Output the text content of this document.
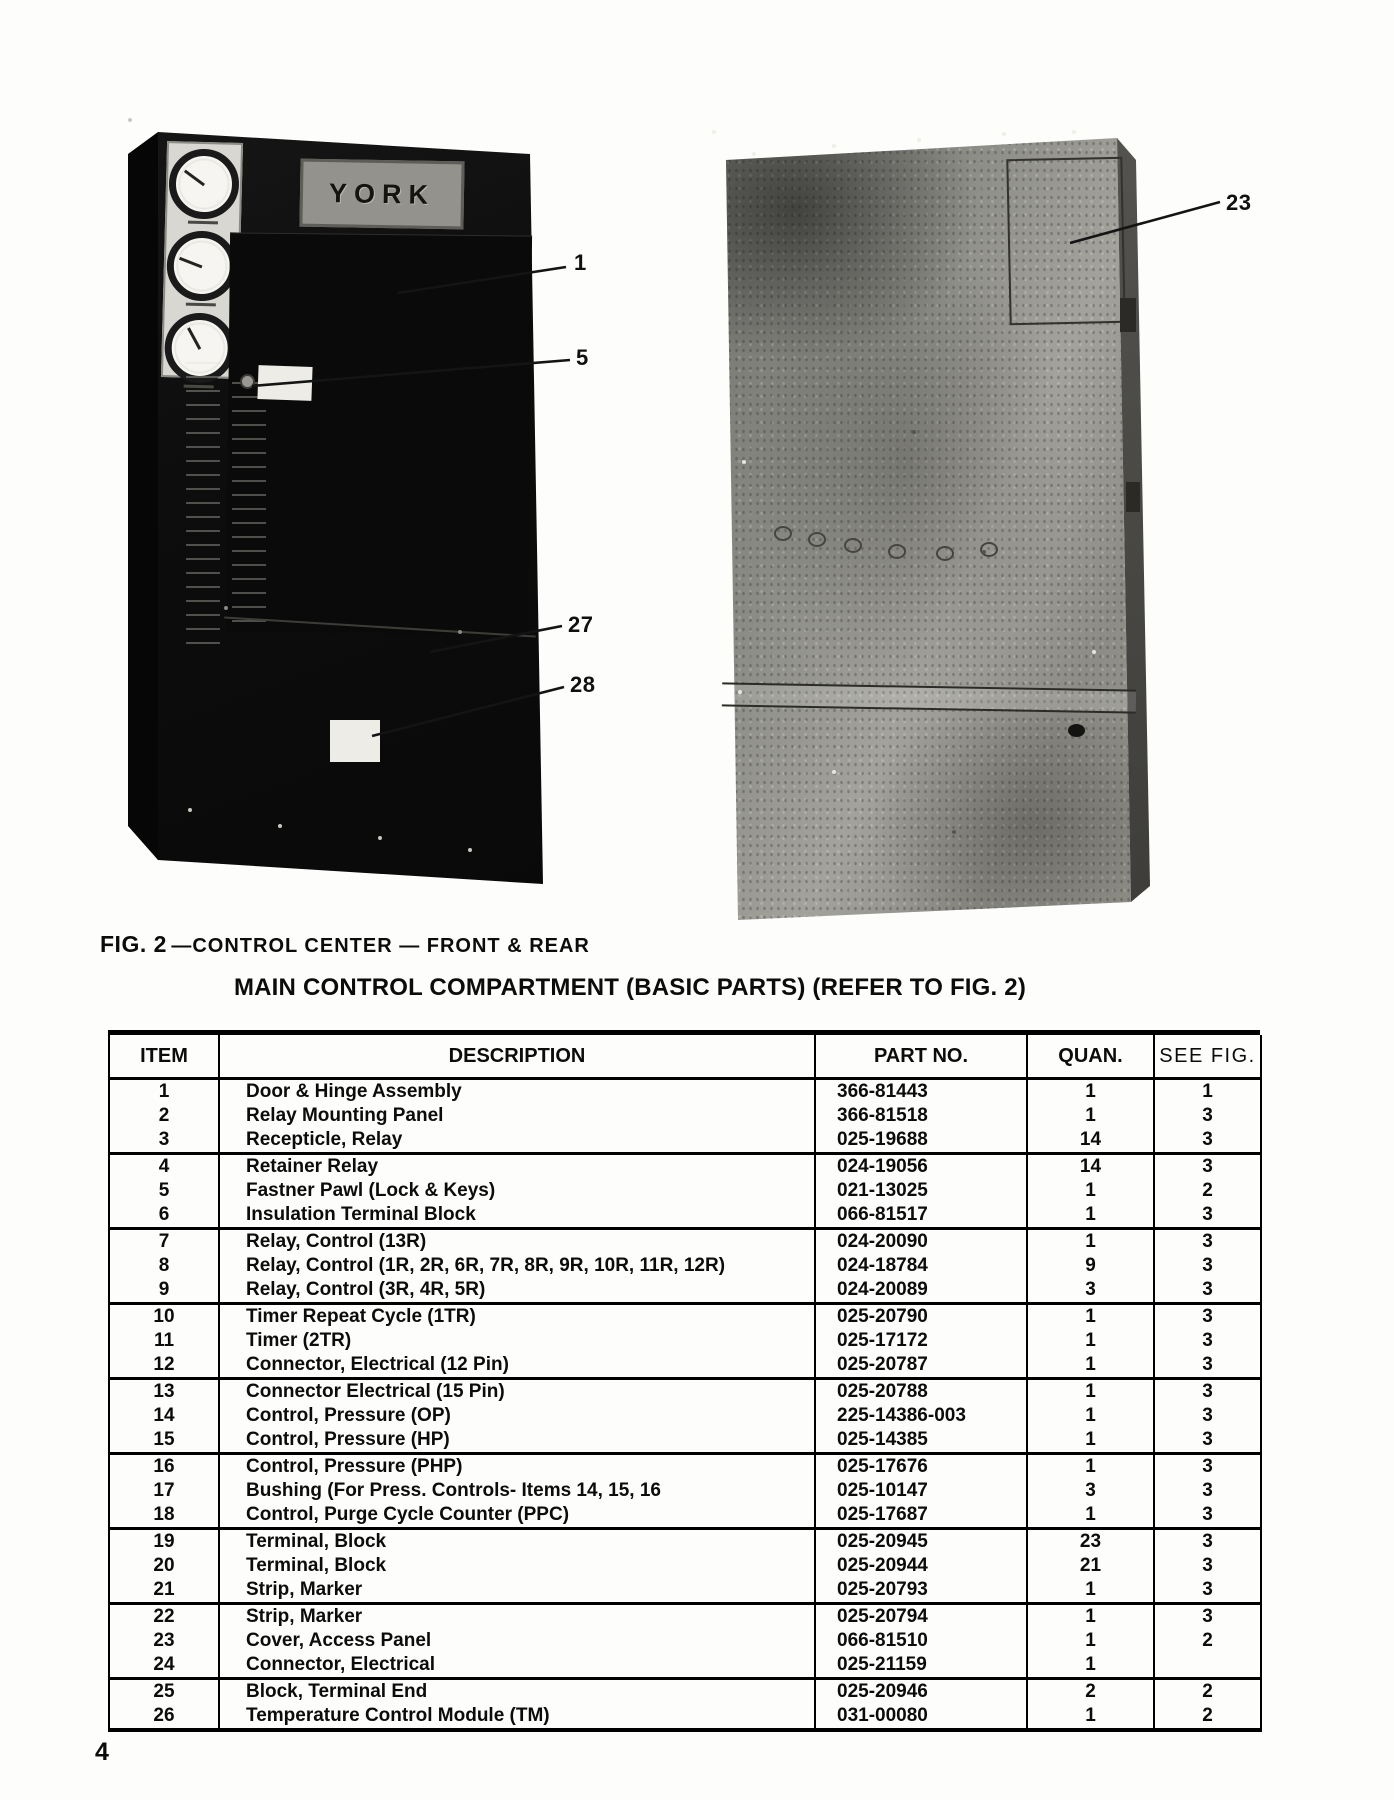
YORK
1
5
27
28
23
FIG. 2 —CONTROL CENTER — FRONT & REAR
MAIN CONTROL COMPARTMENT (BASIC PARTS) (REFER TO FIG. 2)
ITEM	DESCRIPTION	PART NO.	QUAN.	SEE FIG.
1	Door & Hinge Assembly	366-81443	1	1
2	Relay Mounting Panel	366-81518	1	3
3	Recepticle, Relay	025-19688	14	3
4	Retainer Relay	024-19056	14	3
5	Fastner Pawl (Lock & Keys)	021-13025	1	2
6	Insulation Terminal Block	066-81517	1	3
7	Relay, Control (13R)	024-20090	1	3
8	Relay, Control (1R, 2R, 6R, 7R, 8R, 9R, 10R, 11R, 12R)	024-18784	9	3
9	Relay, Control (3R, 4R, 5R)	024-20089	3	3
10	Timer Repeat Cycle (1TR)	025-20790	1	3
11	Timer (2TR)	025-17172	1	3
12	Connector, Electrical (12 Pin)	025-20787	1	3
13	Connector Electrical (15 Pin)	025-20788	1	3
14	Control, Pressure (OP)	225-14386-003	1	3
15	Control, Pressure (HP)	025-14385	1	3
16	Control, Pressure (PHP)	025-17676	1	3
17	Bushing (For Press. Controls- Items 14, 15, 16	025-10147	3	3
18	Control, Purge Cycle Counter (PPC)	025-17687	1	3
19	Terminal, Block	025-20945	23	3
20	Terminal, Block	025-20944	21	3
21	Strip, Marker	025-20793	1	3
22	Strip, Marker	025-20794	1	3
23	Cover, Access Panel	066-81510	1	2
24	Connector, Electrical	025-21159	1	
25	Block, Terminal End	025-20946	2	2
26	Temperature Control Module (TM)	031-00080	1	2
4
